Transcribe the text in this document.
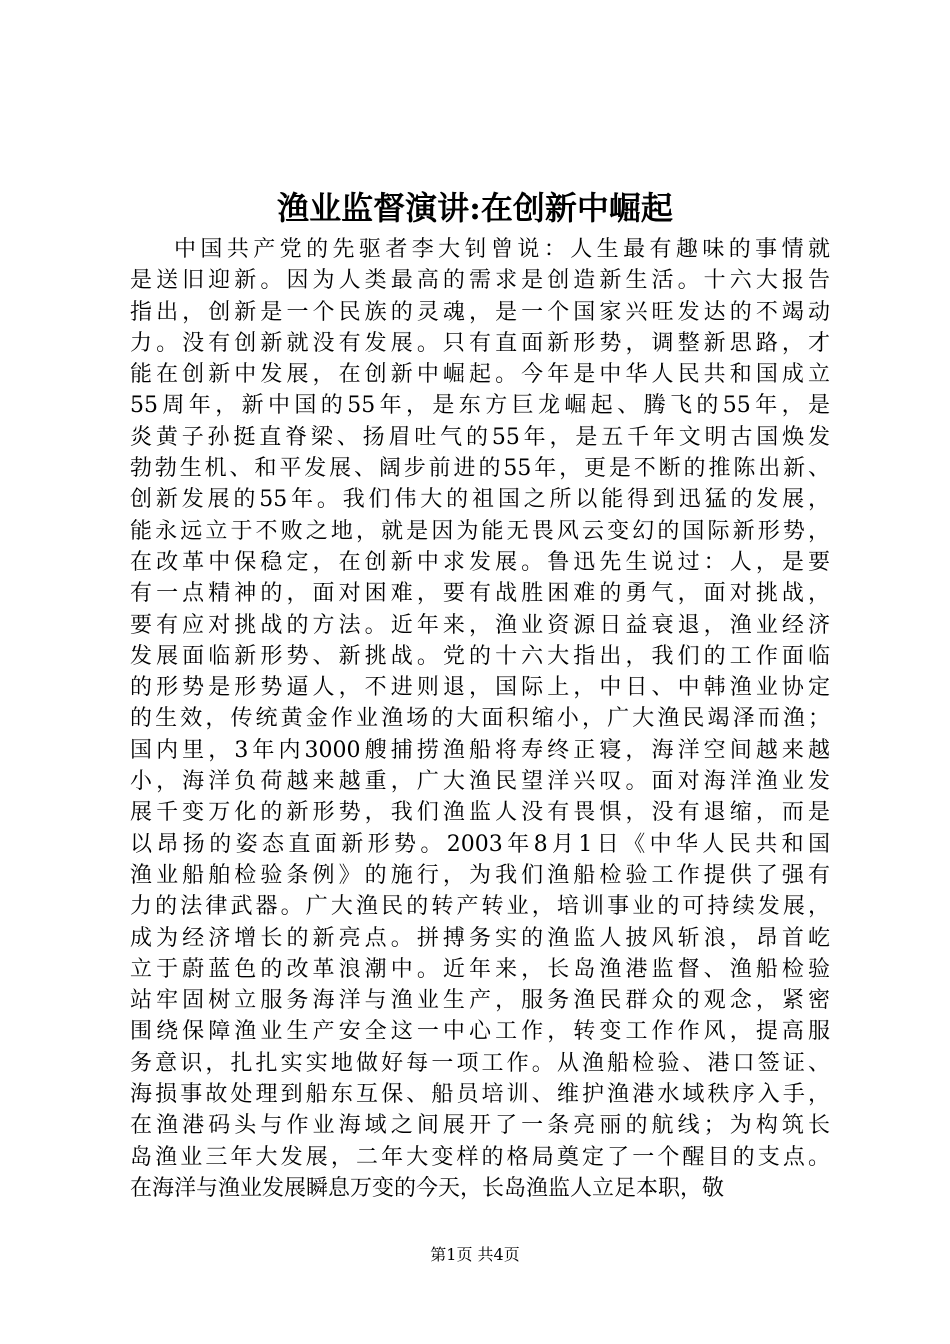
渔业监督演讲:在创新中崛起
中国共产党的先驱者李大钊曾说：人生最有趣味的事情就
是送旧迎新。因为人类最高的需求是创造新生活。十六大报告
指出，创新是一个民族的灵魂，是一个国家兴旺发达的不竭动
力。没有创新就没有发展。只有直面新形势，调整新思路，才
能在创新中发展，在创新中崛起。今年是中华人民共和国成立
55周年，新中国的55年，是东方巨龙崛起、腾飞的55年，是
炎黄子孙挺直脊梁、扬眉吐气的55年，是五千年文明古国焕发
勃勃生机、和平发展、阔步前进的55年，更是不断的推陈出新、
创新发展的55年。我们伟大的祖国之所以能得到迅猛的发展，
能永远立于不败之地，就是因为能无畏风云变幻的国际新形势，
在改革中保稳定，在创新中求发展。鲁迅先生说过：人，是要
有一点精神的，面对困难，要有战胜困难的勇气，面对挑战，
要有应对挑战的方法。近年来，渔业资源日益衰退，渔业经济
发展面临新形势、新挑战。党的十六大指出，我们的工作面临
的形势是形势逼人，不进则退，国际上，中日、中韩渔业协定
的生效，传统黄金作业渔场的大面积缩小，广大渔民竭泽而渔；
国内里，3年内3000艘捕捞渔船将寿终正寝，海洋空间越来越
小，海洋负荷越来越重，广大渔民望洋兴叹。面对海洋渔业发
展千变万化的新形势，我们渔监人没有畏惧，没有退缩，而是
以昂扬的姿态直面新形势。2003年8月1日《中华人民共和国
渔业船舶检验条例》的施行，为我们渔船检验工作提供了强有
力的法律武器。广大渔民的转产转业，培训事业的可持续发展，
成为经济增长的新亮点。拼搏务实的渔监人披风斩浪，昂首屹
立于蔚蓝色的改革浪潮中。近年来，长岛渔港监督、渔船检验
站牢固树立服务海洋与渔业生产，服务渔民群众的观念，紧密
围绕保障渔业生产安全这一中心工作，转变工作作风，提高服
务意识，扎扎实实地做好每一项工作。从渔船检验、港口签证、
海损事故处理到船东互保、船员培训、维护渔港水域秩序入手，
在渔港码头与作业海域之间展开了一条亮丽的航线；为构筑长
岛渔业三年大发展，二年大变样的格局奠定了一个醒目的支点。
在海洋与渔业发展瞬息万变的今天，长岛渔监人立足本职，敬
第1页 共4页
